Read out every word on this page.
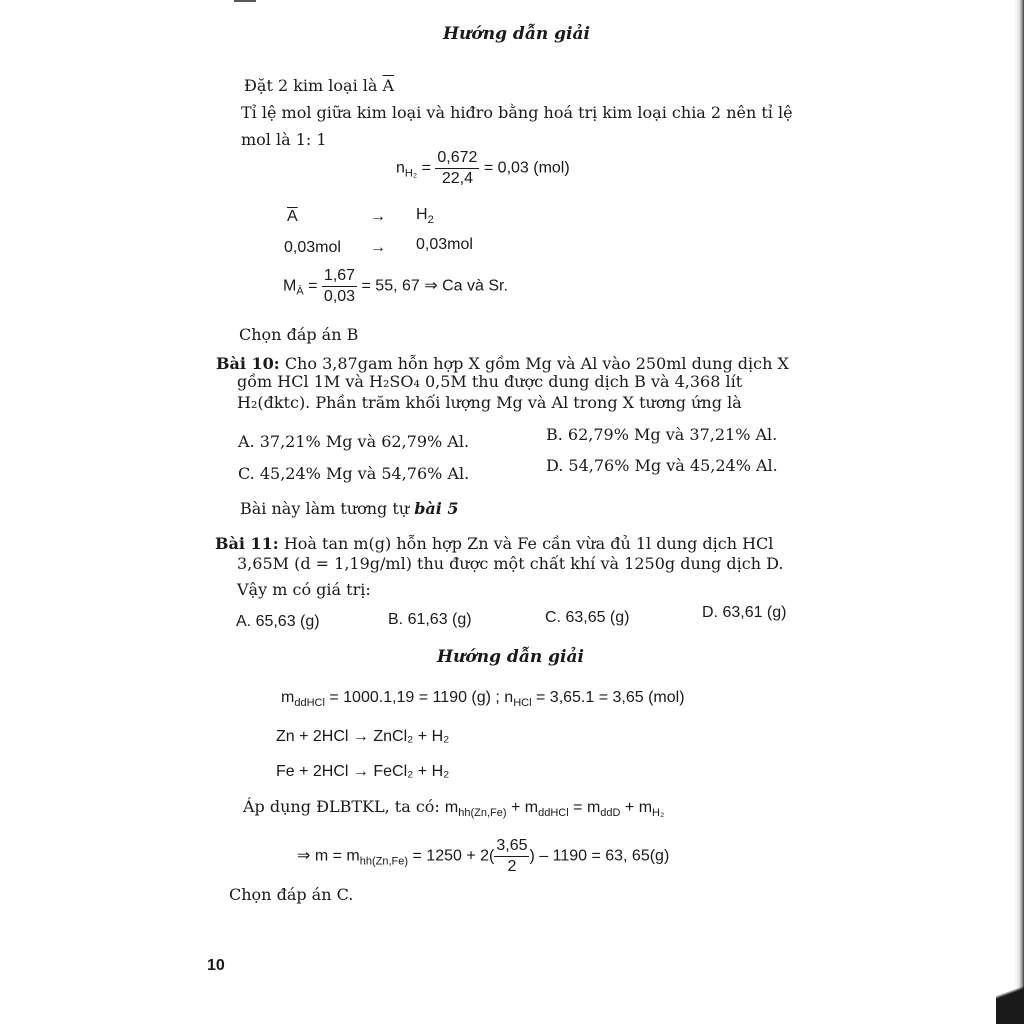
Hướng dẫn giải
Đặt 2 kim loại là $\overline{A}$
Tỉ lệ mol giữa kim loại và hiđro bằng hoá trị kim loại chia 2 nên tỉ lệ
mol là 1: 1
$n_{H_2} = \frac{0,672}{22,4} = 0,03$ (mol)
$\overline{A}$	→ $H_2$
0,03mol → 0,03mol
$M_Ā = \frac{1,67}{0,03} = 55$, 67 ⇒ Ca và Sr.
Chọn đáp án B
Bài 10: Cho 3,87gam hỗn hợp X gồm Mg và Al vào 250ml dung dịch X
gồm HCl 1M và H₂SO₄ 0,5M thu được dung dịch B và 4,368 lít
H₂(đktc). Phần trăm khối lượng Mg và Al trong X tương ứng là
A. 37,21% Mg và 62,79% Al.	B. 62,79% Mg và 37,21% Al.
C. 45,24% Mg và 54,76% Al.	D. 54,76% Mg và 45,24% Al.
Bài này làm tương tự bài 5
Bài 11: Hoà tan m(g) hỗn hợp Zn và Fe cần vừa đủ 1l dung dịch HCl
3,65M (d = 1,19g/ml) thu được một chất khí và 1250g dung dịch D.
Vậy m có giá trị:
A. 65,63 (g)	B. 61,63 (g)	C. 63,65 (g)	D. 63,61 (g)
Hướng dẫn giải
$m_{ddHCl} = 1000.1,19 = 1190$ (g) ; $n_{HCl} = 3,65.1 = 3,65$ (mol)
Zn + 2HCl → ZnCl₂ + H₂
Fe + 2HCl → FeCl₂ + H₂
Áp dụng ĐLBTKL, ta có: $m_{hh(Zn,Fe)} + m_{ddHCl} = m_{ddD} + m_{H_2}$
⇒ $m = m_{hh(Zn,Fe)} = 1250 + 2( \frac{3,65}{2}$ ) – 1190 = 63, 65(g)
Chọn đáp án C.
10
